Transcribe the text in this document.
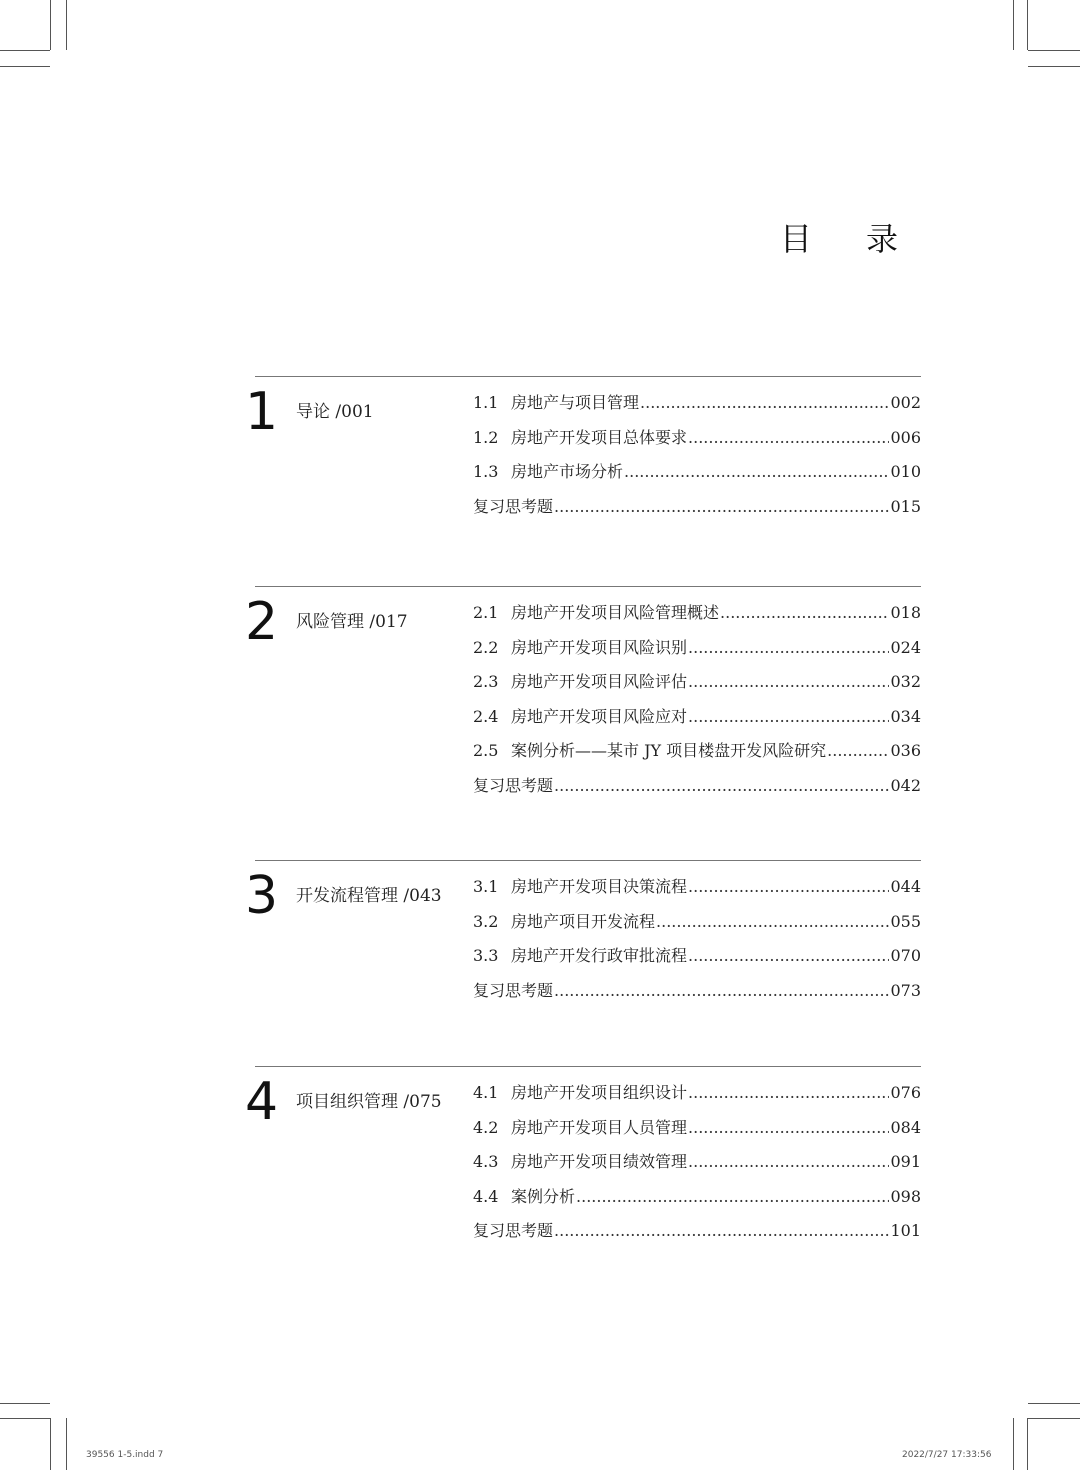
目 录
1 导论 /001	1.1 房地产与项目管理 .....	002
1.2 房地产开发项目总体要求 .....	006
1.3 房地产市场分析 .....	010
复习思考题 .....	015
2 风险管理 /017	2.1 房地产开发项目风险管理概述 .....	018
2.2 房地产开发项目风险识别 .....	024
2.3 房地产开发项目风险评估 .....	032
2.4 房地产开发项目风险应对 .....	034
2.5 案例分析——某市 JY 项目楼盘开发风险研究 .....	036
复习思考题 .....	042
3 开发流程管理 /043 3.1 房地产开发项目决策流程 .....	044
3.2 房地产项目开发流程 .....	055
3.3 房地产开发行政审批流程 .....	070
复习思考题 .....	073
4 项目组织管理 /075 4.1 房地产开发项目组织设计 .....	076
4.2 房地产开发项目人员管理 .....	084
4.3 房地产开发项目绩效管理 .....	091
4.4 案例分析 .....	098
复习思考题 .....	101
39556 1-5.indd 7	2022/7/27 17:33:56
